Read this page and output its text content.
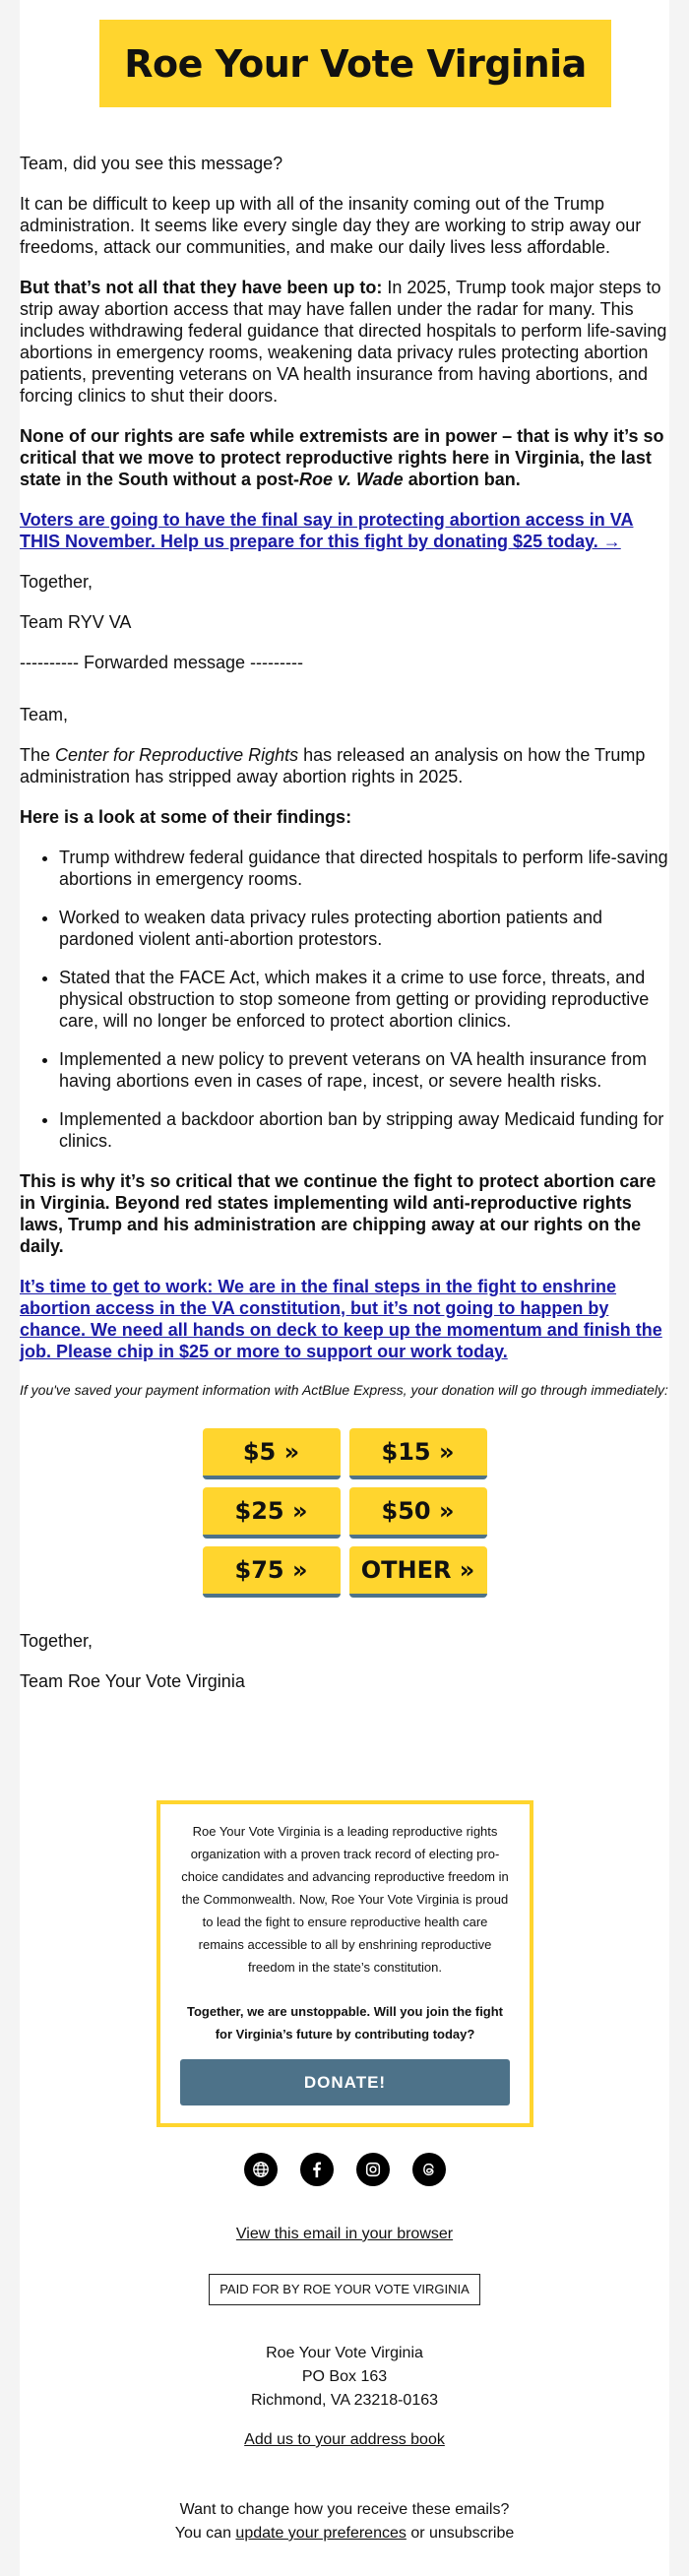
Roe Your Vote Virginia

Team, did you see this message?

It can be difficult to keep up with all of the insanity coming out of the Trump administration. It seems like every single day they are working to strip away our freedoms, attack our communities, and make our daily lives less affordable.

But that’s not all that they have been up to: In 2025, Trump took major steps to strip away abortion access that may have fallen under the radar for many. This includes withdrawing federal guidance that directed hospitals to perform life-saving abortions in emergency rooms, weakening data privacy rules protecting abortion patients, preventing veterans on VA health insurance from having abortions, and forcing clinics to shut their doors.

None of our rights are safe while extremists are in power – that is why it’s so critical that we move to protect reproductive rights here in Virginia, the last state in the South without a post-Roe v. Wade abortion ban.

Voters are going to have the final say in protecting abortion access in VA THIS November. Help us prepare for this fight by donating $25 today. →

Together,

Team RYV VA

---------- Forwarded message ---------

Team,

The Center for Reproductive Rights has released an analysis on how the Trump administration has stripped away abortion rights in 2025.

Here is a look at some of their findings:

• Trump withdrew federal guidance that directed hospitals to perform life-saving abortions in emergency rooms.
• Worked to weaken data privacy rules protecting abortion patients and pardoned violent anti-abortion protestors.
• Stated that the FACE Act, which makes it a crime to use force, threats, and physical obstruction to stop someone from getting or providing reproductive care, will no longer be enforced to protect abortion clinics.
• Implemented a new policy to prevent veterans on VA health insurance from having abortions even in cases of rape, incest, or severe health risks.
• Implemented a backdoor abortion ban by stripping away Medicaid funding for clinics.

This is why it’s so critical that we continue the fight to protect abortion care in Virginia. Beyond red states implementing wild anti-reproductive rights laws, Trump and his administration are chipping away at our rights on the daily.

It’s time to get to work: We are in the final steps in the fight to enshrine abortion access in the VA constitution, but it’s not going to happen by chance. We need all hands on deck to keep up the momentum and finish the job. Please chip in $25 or more to support our work today.

If you've saved your payment information with ActBlue Express, your donation will go through immediately:

$5 »	$15 »
$25 »	$50 »
$75 »	OTHER »

Together,

Team Roe Your Vote Virginia

Roe Your Vote Virginia is a leading reproductive rights organization with a proven track record of electing pro-choice candidates and advancing reproductive freedom in the Commonwealth. Now, Roe Your Vote Virginia is proud to lead the fight to ensure reproductive health care remains accessible to all by enshrining reproductive freedom in the state’s constitution.

Together, we are unstoppable. Will you join the fight for Virginia’s future by contributing today?

DONATE!
View this email in your browser
PAID FOR BY ROE YOUR VOTE VIRGINIA
Roe Your Vote Virginia
PO Box 163
Richmond, VA 23218-0163
Add us to your address book
Want to change how you receive these emails?
You can update your preferences or unsubscribe
